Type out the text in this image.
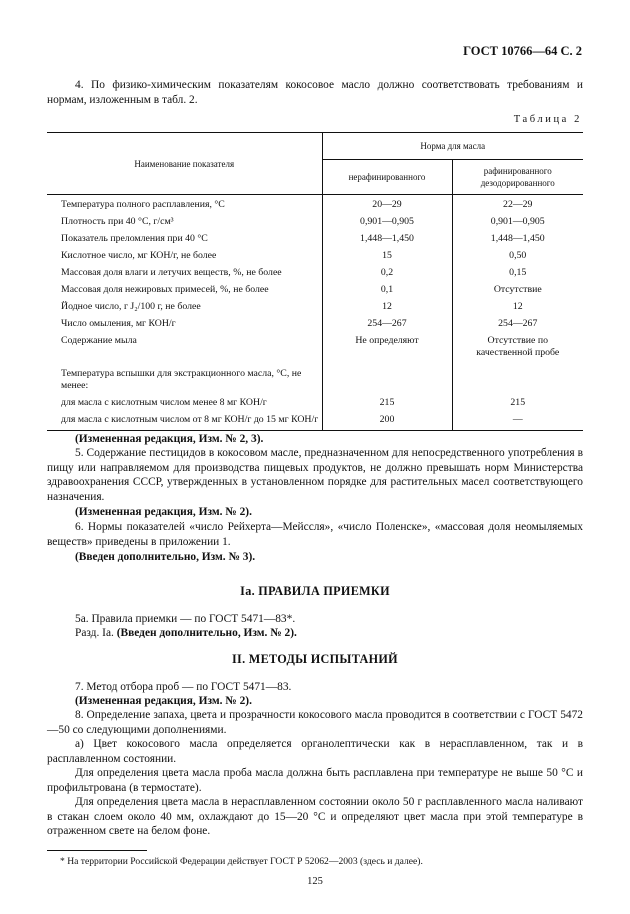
ГОСТ 10766—64 С. 2

4. По физико-химическим показателям кокосовое масло должно соответствовать требованиям и нормам, изложенным в табл. 2.

Таблица 2
Наименование показателя	Норма для масла	
	нерафинированного	рафинированного дезодорированного
Температура полного расплавления, °С	20—29	22—29
Плотность при 40 °С, г/см³	0,901—0,905	0,901—0,905
Показатель преломления при 40 °С	1,448—1,450	1,448—1,450
Кислотное число, мг КОН/г, не более	15	0,50
Массовая доля влаги и летучих веществ, %, не более	0,2	0,15
Массовая доля нежировых примесей, %, не более	0,1	Отсутствие
Йодное число, г J₂/100 г, не более	12	12
Число омыления, мг КОН/г	254—267	254—267
Содержание мыла	Не определяют	Отсутствие по качественной пробе
Температура вспышки для экстракционного масла, °С, не менее:		
для масла с кислотным числом менее 8 мг КОН/г	215	215
для масла с кислотным числом от 8 мг КОН/г до 15 мг КОН/г	200	—

(Измененная редакция, Изм. № 2, 3).

5. Содержание пестицидов в кокосовом масле, предназначенном для непосредственного употребления в пищу или направляемом для производства пищевых продуктов, не должно превышать норм Министерства здравоохранения СССР, утвержденных в установленном порядке для растительных масел соответствующего назначения.

(Измененная редакция, Изм. № 2).

6. Нормы показателей «число Рейхерта—Мейсcля», «число Поленске», «массовая доля неомыляемых веществ» приведены в приложении 1.

(Введен дополнительно, Изм. № 3).

Iа. ПРАВИЛА ПРИЕМКИ

5а. Правила приемки — по ГОСТ 5471—83*.

Разд. Iа. (Введен дополнительно, Изм. № 2).

II. МЕТОДЫ ИСПЫТАНИЙ

7. Метод отбора проб — по ГОСТ 5471—83.

(Измененная редакция, Изм. № 2).

8. Определение запаха, цвета и прозрачности кокосового масла проводится в соответствии с ГОСТ 5472—50 со следующими дополнениями.

а) Цвет кокосового масла определяется органолептически как в нерасплавленном, так и в расплавленном состоянии.

Для определения цвета масла проба масла должна быть расплавлена при температуре не выше 50 °С и профильтрована (в термостате).

Для определения цвета масла в нерасплавленном состоянии около 50 г расплавленного масла наливают в стакан слоем около 40 мм, охлаждают до 15—20 °С и определяют цвет масла при этой температуре в отраженном свете на белом фоне.

* На территории Российской Федерации действует ГОСТ Р 52062—2003 (здесь и далее).
125
